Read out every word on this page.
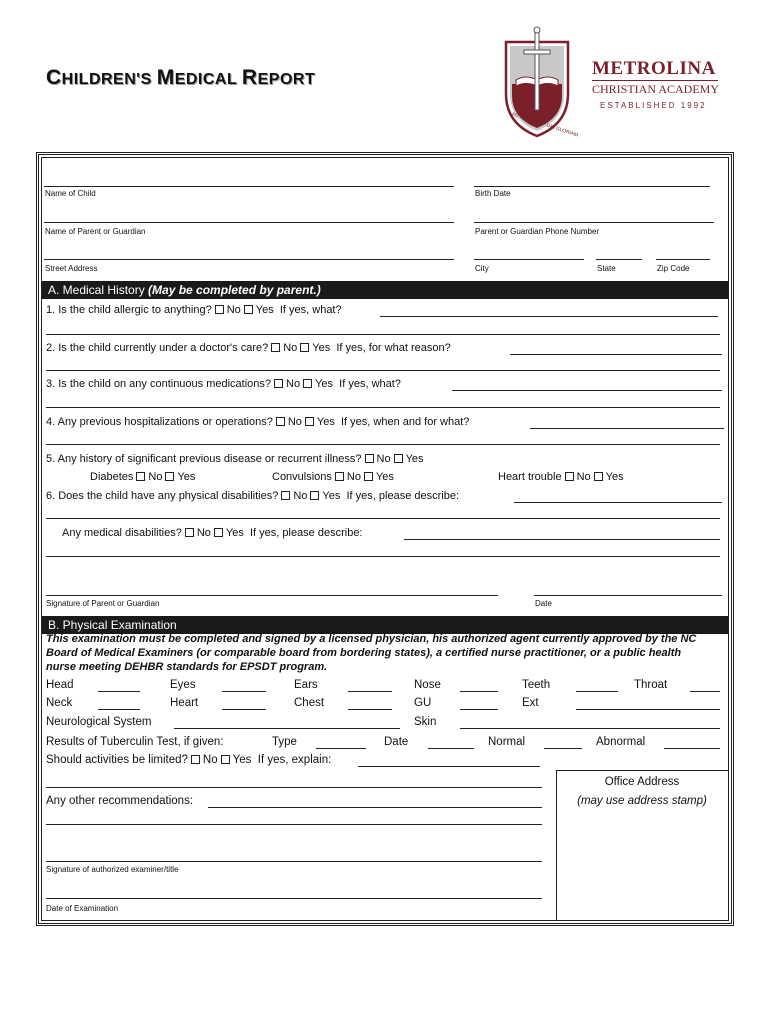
CHILDREN'S MEDICAL REPORT
METROLINA
CHRISTIAN ACADEMY
ESTABLISHED 1992
AD MAIOREM · DEI GLORIAM
Name of Child	Birth Date
Name of Parent or Guardian	Parent or Guardian Phone Number
Street Address	City	State	Zip Code
A. Medical History (May be completed by parent.)
1. Is the child allergic to anything? No Yes If yes, what?
2. Is the child currently under a doctor's care? No Yes If yes, for what reason?
3. Is the child on any continuous medications? No Yes If yes, what?
4. Any previous hospitalizations or operations? No Yes If yes, when and for what?
5. Any history of significant previous disease or recurrent illness? No Yes
Diabetes No Yes	Convulsions No Yes	Heart trouble No Yes
6. Does the child have any physical disabilities? No Yes If yes, please describe:
Any medical disabilities? No Yes If yes, please describe:
Signature of Parent or Guardian	Date
B. Physical Examination
This examination must be completed and signed by a licensed physician, his authorized agent currently approved by the NC
Board of Medical Examiners (or comparable board from bordering states), a certified nurse practitioner, or a public health
nurse meeting DEHBR standards for EPSDT program.
Head	Eyes	Ears	Nose	Teeth	Throat
Neck	Heart	Chest	GU	Ext
Neurological System	Skin
Results of Tuberculin Test, if given:	Type	Date	Normal	Abnormal
Should activities be limited? No Yes If yes, explain:
Office Address
(may use address stamp)
Any other recommendations:
Signature of authorized examiner/title
Date of Examination
